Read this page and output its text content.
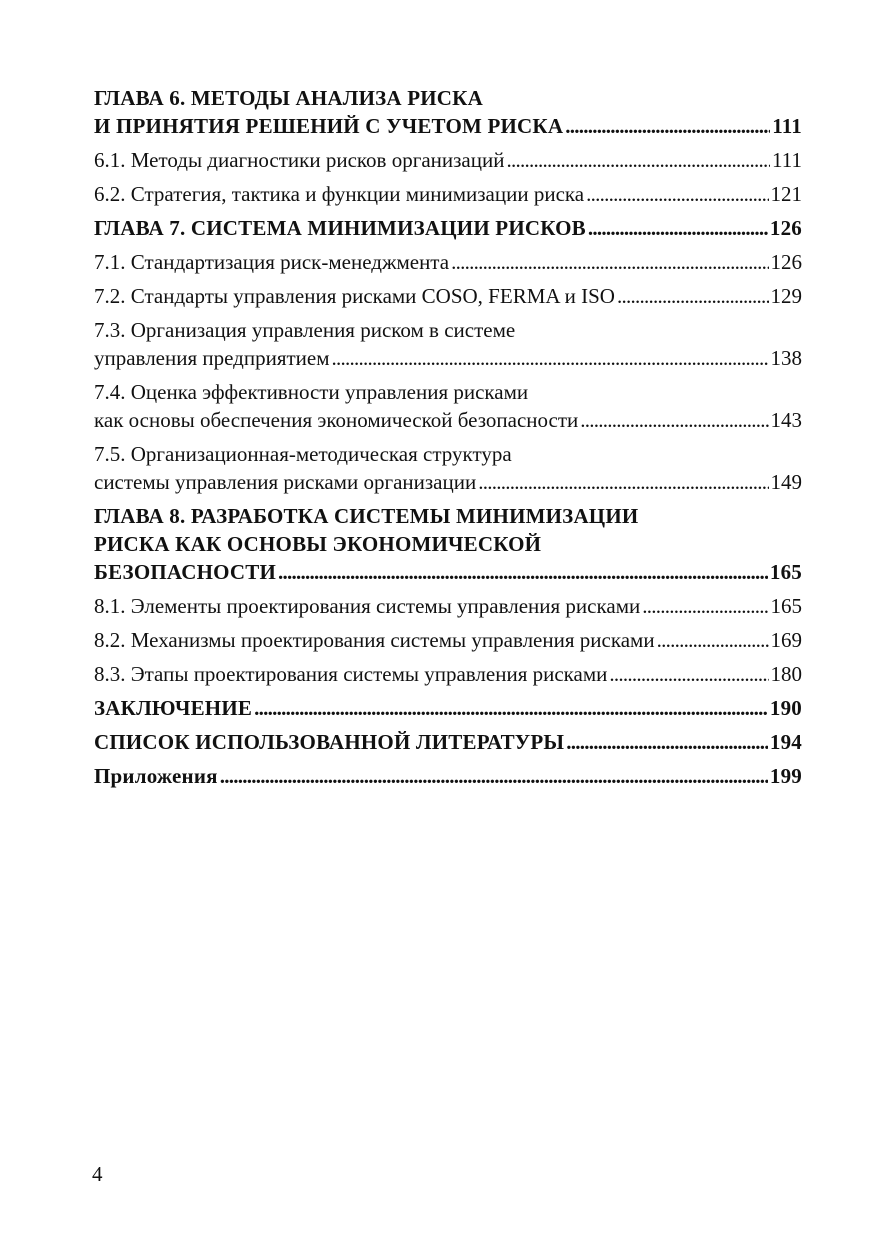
ГЛАВА 6. МЕТОДЫ АНАЛИЗА РИСКА
И ПРИНЯТИЯ РЕШЕНИЙ С УЧЕТОМ РИСКА . . .	111
6.1. Методы диагностики рисков организаций . . .	111
6.2. Стратегия, тактика и функции минимизации риска . . .	121
ГЛАВА 7. СИСТЕМА МИНИМИЗАЦИИ РИСКОВ . . .	126
7.1. Стандартизация риск-менеджмента . . .	126
7.2. Стандарты управления рисками COSO, FERMA и ISO . . .	129
7.3. Организация управления риском в системе
управления предприятием . . .	138
7.4. Оценка эффективности управления рисками
как основы обеспечения экономической безопасности . . .	143
7.5. Организационная-методическая структура
системы управления рисками организации . . .	149
ГЛАВА 8. РАЗРАБОТКА СИСТЕМЫ МИНИМИЗАЦИИ
РИСКА КАК ОСНОВЫ ЭКОНОМИЧЕСКОЙ
БЕЗОПАСНОСТИ . . .	165
8.1. Элементы проектирования системы управления рисками . . .	165
8.2. Механизмы проектирования системы управления рисками . . .	169
8.3. Этапы проектирования системы управления рисками . . .	180
ЗАКЛЮЧЕНИЕ . . .	190
СПИСОК ИСПОЛЬЗОВАННОЙ ЛИТЕРАТУРЫ . . .	194
Приложения . . .	199
4
